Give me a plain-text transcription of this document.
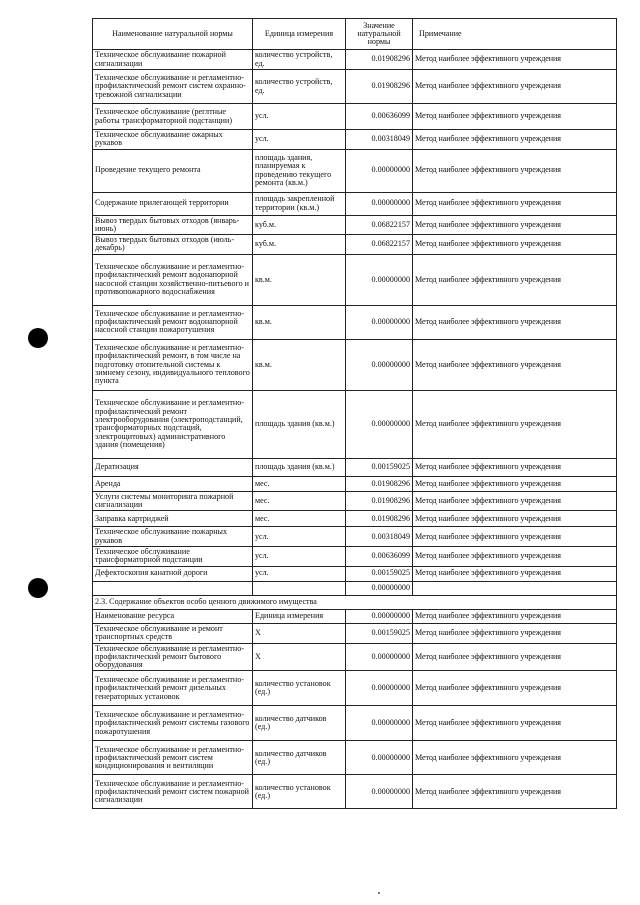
Наименование натуральной нормы	Единица измерения	Значение натуральной нормы	Примечание
Техническое обслуживание пожарной сигнализации	количество устройств, ед.	0.01908296	Метод наиболее эффективного учреждения
Техническое обслуживание и регламентно-профилактический ремонт систем охранно-тревожной сигнализации	количество устройств, ед.	0.01908296	Метод наиболее эффективного учреждения
Техническое обслуживание (реглтные работы трансформаторной подстанции)	усл.	0.00636099	Метод наиболее эффективного учреждения
Техническое обслуживание ожарных рукавов	усл.	0.00318049	Метод наиболее эффективного учреждения
Проведение текущего ремонта	площадь здания, планируемая к проведению текущего ремонта (кв.м.)	0.00000000	Метод наиболее эффективного учреждения
Содержание прилегающей территории	площадь закрепленной территории (кв.м.)	0.00000000	Метод наиболее эффективного учреждения
Вывоз твердых бытовых отходов (январь-июнь)	куб.м.	0.06822157	Метод наиболее эффективного учреждения
Вывоз твердых бытовых отходов (июль-декабрь)	куб.м.	0.06822157	Метод наиболее эффективного учреждения
Техническое обслуживание и регламентно-профилактический ремонт водонапорной насосной станции хозяйственно-питьевого и противопожарного водоснабжения	кв.м.	0.00000000	Метод наиболее эффективного учреждения
Техническое обслуживание и регламентно-профилактический ремонт водонапорной насосной станции пожаротушения	кв.м.	0.00000000	Метод наиболее эффективного учреждения
Техническое обслуживание и регламентно-профилактический ремонт, в том числе на подготовку отопительной системы к зимнему сезону, индивидуального теплового пункта	кв.м.	0.00000000	Метод наиболее эффективного учреждения
Техническое обслуживание и регламентно-профилактический ремонт электрооборудования (электроподстанций, трансформаторных подстаций, электрощитовых) административного здания (помещения)	площадь здания (кв.м.)	0.00000000	Метод наиболее эффективного учреждения
Дератизация	площадь здания (кв.м.)	0.00159025	Метод наиболее эффективного учреждения
Аренда	мес.	0.01908296	Метод наиболее эффективного учреждения
Услуги системы мониторинга пожарной сигнализации	мес.	0.01908296	Метод наиболее эффективного учреждения
Заправка картриджей	мес.	0.01908296	Метод наиболее эффективного учреждения
Техническое обслуживание пожарных рукавов	усл.	0.00318049	Метод наиболее эффективного учреждения
Техническое обслуживание трансформаторной подстанции	усл.	0.00636099	Метод наиболее эффективного учреждения
Дефектоскопия канатной дороги	усл.	0.00159025	Метод наиболее эффективного учреждения
		0.00000000	
2.3. Содержание объектов особо ценного движимого имущества			
Наименование ресурса	Единица измерения	0.00000000	Метод наиболее эффективного учреждения
Техническое обслуживание и ремонт транспортных средств	Х	0.00159025	Метод наиболее эффективного учреждения
Техническое обслуживание и регламентно-профилактический ремонт бытового оборудования	Х	0.00000000	Метод наиболее эффективного учреждения
Техническое обслуживание и регламентно-профилактический ремонт дизельных генераторных установок	количество установок (ед.)	0.00000000	Метод наиболее эффективного учреждения
Техническое обслуживание и регламентно-профилактический ремонт системы газового пожаротушения	количество датчиков (ед.)	0.00000000	Метод наиболее эффективного учреждения
Техническое обслуживание и регламентно-профилактический ремонт систем кондиционирования и вентиляции	количество датчиков (ед.)	0.00000000	Метод наиболее эффективного учреждения
Техническое обслуживание и регламентно-профилактический ремонт систем пожарной сигнализации	количество установок (ед.)	0.00000000	Метод наиболее эффективного учреждения
